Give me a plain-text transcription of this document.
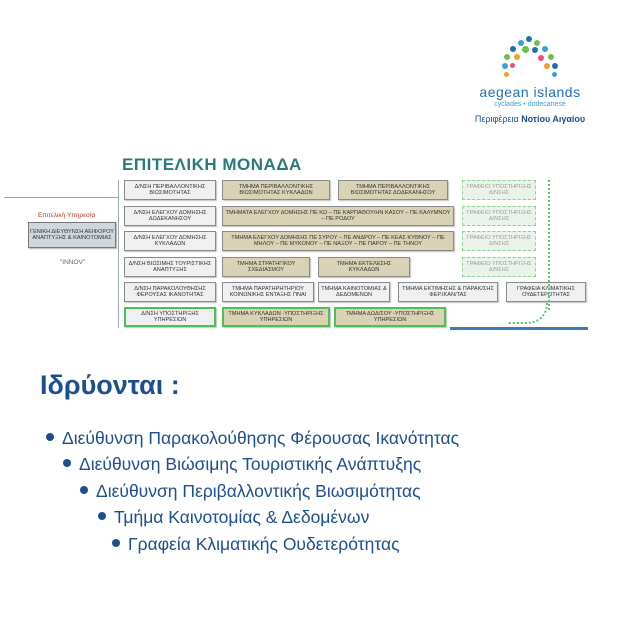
aegean islands
cyclades • dodecanese
Περιφέρεια Νοτίου Αιγαίου
ΕΠΙΤΕΛΙΚΗ ΜΟΝΑΔΑ
Επιτελική Υπηρεσία
ΓΕΝΙΚΗ ΔΙΕΥΘΥΝΣΗ ΑΕΙΦΟΡΟΥ ΑΝΑΠΤΥΞΗΣ & ΚΑΙΝΟΤΟΜΙΑΣ
"INNOV"
Δ/ΝΣΗ ΠΕΡΙΒΑΛΛΟΝΤΙΚΗΣ ΒΙΩΣΙΜΟΤΗΤΑΣ
ΤΜΗΜΑ ΠΕΡΙΒΑΛΛΟΝΤΙΚΗΣ ΒΙΩΣΙΜΟΤΗΤΑΣ ΚΥΚΛΑΔΩΝ
ΤΜΗΜΑ ΠΕΡΙΒΑΛΛΟΝΤΙΚΗΣ ΒΙΩΣΙΜΟΤΗΤΑΣ ΔΩΔΕΚΑΝΗΣΟΥ
ΓΡΑΦΕΙΟ ΥΠΟΣΤΗΡΙΞΗΣ Δ/ΝΣΗΣ
Δ/ΝΣΗ ΕΛΕΓΧΟΥ ΔΟΜΗΣΗΣ ΔΩΔΕΚΑΝΗΣΟΥ
ΤΜΗΜΑΤΑ ΕΛΕΓΧΟΥ ΔΟΜΗΣΗΣ ΠΕ ΚΩ – ΠΕ ΚΑΡΠΑΘΟΥ/ΗΝ ΚΑΣΟΥ – ΠΕ ΚΑΛΥΜΝΟΥ – ΠΕ ΡΟΔΟΥ
ΓΡΑΦΕΙΟ ΥΠΟΣΤΗΡΙΞΗΣ Δ/ΝΣΗΣ
Δ/ΝΣΗ ΕΛΕΓΧΟΥ ΔΟΜΗΣΗΣ ΚΥΚΛΑΔΩΝ
ΤΜΗΜΑ ΕΛΕΓΧΟΥ ΔΟΜΗΣΗΣ ΠΕ ΣΥΡΟΥ – ΠΕ ΑΝΔΡΟΥ – ΠΕ ΚΕΑΣ ΚΥΘΝΟΥ – ΠΕ ΜΗΛΟΥ – ΠΕ ΜΥΚΟΝΟΥ – ΠΕ ΝΑΞΟΥ – ΠΕ ΠΑΡΟΥ – ΠΕ ΤΗΝΟΥ
ΓΡΑΦΕΙΟ ΥΠΟΣΤΗΡΙΞΗΣ Δ/ΝΣΗΣ
Δ/ΝΣΗ ΒΙΩΣΙΜΗΣ ΤΟΥΡΙΣΤΙΚΗΣ ΑΝΑΠΤΥΞΗΣ
ΤΜΗΜΑ ΣΤΡΑΤΗΓΙΚΟΥ ΣΧΕΔΙΑΣΜΟΥ
ΤΜΗΜΑ ΕΚΤΕΛΕΣΗΣ ΚΥΚΛΑΔΩΝ
ΓΡΑΦΕΙΟ ΥΠΟΣΤΗΡΙΞΗΣ Δ/ΝΣΗΣ
Δ/ΝΣΗ ΠΑΡΑΚΟΛΟΥΘΗΣΗΣ ΦΕΡΟΥΣΑΣ ΙΚΑΝΟΤΗΤΑΣ
ΤΜΗΜΑ ΠΑΡΑΤΗΡΗΤΗΡΙΟΥ ΚΟΙΝΩΝΙΚΗΣ ΕΝΤΑΞΗΣ ΠΝΑΙ
ΤΜΗΜΑ ΚΑΙΝΟΤΟΜΙΑΣ & ΔΕΔΟΜΕΝΩΝ
ΤΜΗΜΑ ΕΚΤΙΜΗΣΗΣ & ΠΑΡΑΚ/ΣΗΣ ΦΕΡ.ΙΚΑΝ/ΤΑΣ
ΓΡΑΦΕΙΑ ΚΛΙΜΑΤΙΚΗΣ ΟΥΔΕΤΕΡΟΤΗΤΑΣ
Δ/ΝΣΗ ΥΠΟΣΤΗΡΙΞΗΣ ΥΠΗΡΕΣΙΩΝ
ΤΜΗΜΑ ΚΥΚΛΑΔΩΝ -ΥΠΟΣΤΗΡΙΞΗΣ ΥΠΗΡΕΣΙΩΝ
ΤΜΗΜΑ ΔΩΔ/ΣΟΥ -ΥΠΟΣΤΗΡΙΞΗΣ ΥΠΗΡΕΣΙΩΝ
Ιδρύονται :
Διεύθυνση Παρακολούθησης Φέρουσας Ικανότητας
Διεύθυνση Βιώσιμης Τουριστικής Ανάπτυξης
Διεύθυνση Περιβαλλοντικής Βιωσιμότητας
Τμήμα Καινοτομίας & Δεδομένων
Γραφεία Κλιματικής Ουδετερότητας
